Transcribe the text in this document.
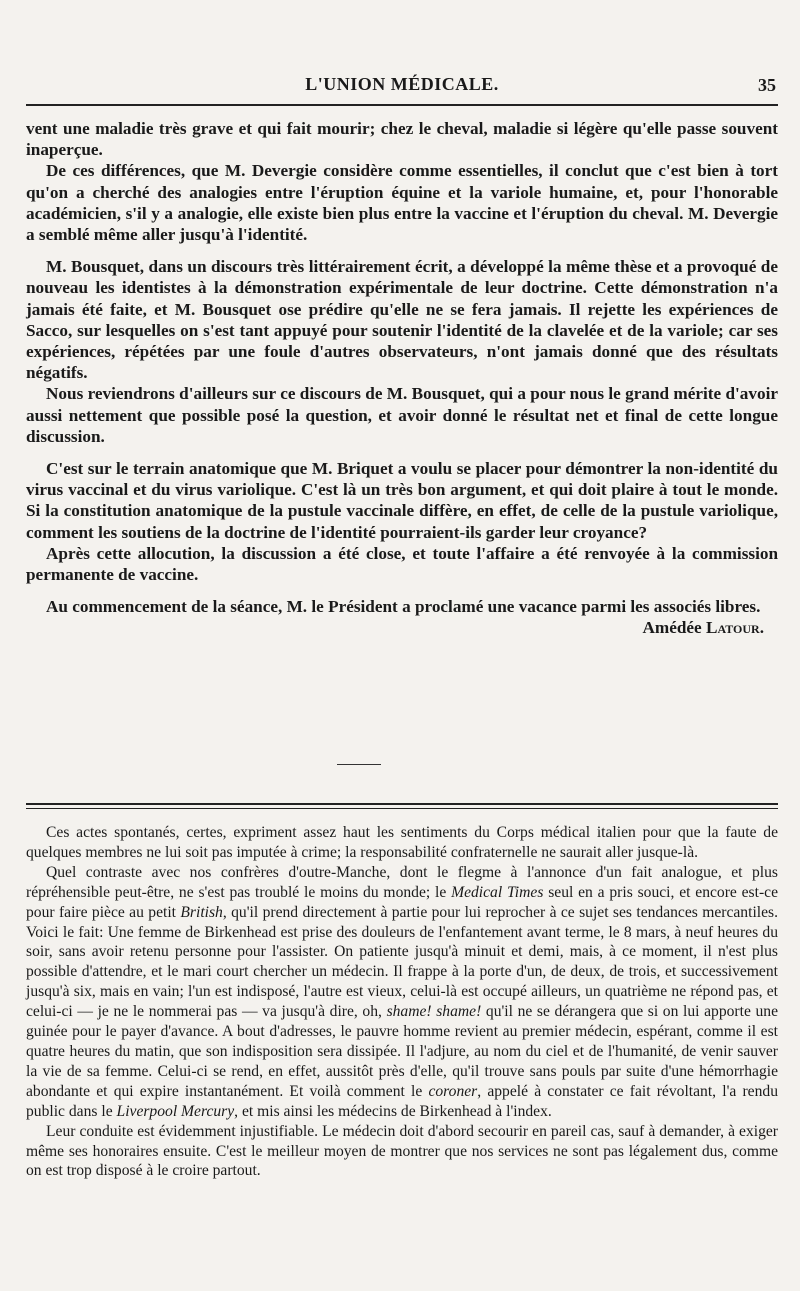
L'UNION MÉDICALE.	35

vent une maladie très grave et qui fait mourir; chez le cheval, maladie si légère qu'elle passe souvent inaperçue.

De ces différences, que M. Devergie considère comme essentielles, il conclut que c'est bien à tort qu'on a cherché des analogies entre l'éruption équine et la variole humaine, et, pour l'honorable académicien, s'il y a analogie, elle existe bien plus entre la vaccine et l'éruption du cheval. M. Devergie a semblé même aller jusqu'à l'identité.

M. Bousquet, dans un discours très littérairement écrit, a développé la même thèse et a provoqué de nouveau les identistes à la démonstration expérimentale de leur doctrine. Cette démonstration n'a jamais été faite, et M. Bousquet ose prédire qu'elle ne se fera jamais. Il rejette les expériences de Sacco, sur lesquelles on s'est tant appuyé pour soutenir l'identité de la clavelée et de la variole; car ses expériences, répétées par une foule d'autres observateurs, n'ont jamais donné que des résultats négatifs.

Nous reviendrons d'ailleurs sur ce discours de M. Bousquet, qui a pour nous le grand mérite d'avoir aussi nettement que possible posé la question, et avoir donné le résultat net et final de cette longue discussion.

C'est sur le terrain anatomique que M. Briquet a voulu se placer pour démontrer la non-identité du virus vaccinal et du virus variolique. C'est là un très bon argument, et qui doit plaire à tout le monde. Si la constitution anatomique de la pustule vaccinale diffère, en effet, de celle de la pustule variolique, comment les soutiens de la doctrine de l'identité pourraient-ils garder leur croyance?

Après cette allocution, la discussion a été close, et toute l'affaire a été renvoyée à la commission permanente de vaccine.

Au commencement de la séance, M. le Président a proclamé une vacance parmi les associés libres.

Amédée Latour.

Ces actes spontanés, certes, expriment assez haut les sentiments du Corps médical italien pour que la faute de quelques membres ne lui soit pas imputée à crime; la responsabilité confraternelle ne saurait aller jusque-là.

Quel contraste avec nos confrères d'outre-Manche, dont le flegme à l'annonce d'un fait analogue, et plus répréhensible peut-être, ne s'est pas troublé le moins du monde; le Medical Times seul en a pris souci, et encore est-ce pour faire pièce au petit British, qu'il prend directement à partie pour lui reprocher à ce sujet ses tendances mercantiles. Voici le fait: Une femme de Birkenhead est prise des douleurs de l'enfantement avant terme, le 8 mars, à neuf heures du soir, sans avoir retenu personne pour l'assister. On patiente jusqu'à minuit et demi, mais, à ce moment, il n'est plus possible d'attendre, et le mari court chercher un médecin. Il frappe à la porte d'un, de deux, de trois, et successivement jusqu'à six, mais en vain; l'un est indisposé, l'autre est vieux, celui-là est occupé ailleurs, un quatrième ne répond pas, et celui-ci — je ne le nommerai pas — va jusqu'à dire, oh, shame! shame! qu'il ne se dérangera que si on lui apporte une guinée pour le payer d'avance. A bout d'adresses, le pauvre homme revient au premier médecin, espérant, comme il est quatre heures du matin, que son indisposition sera dissipée. Il l'adjure, au nom du ciel et de l'humanité, de venir sauver la vie de sa femme. Celui-ci se rend, en effet, aussitôt près d'elle, qu'il trouve sans pouls par suite d'une hémorrhagie abondante et qui expire instantanément. Et voilà comment le coroner, appelé à constater ce fait révoltant, l'a rendu public dans le Liverpool Mercury, et mis ainsi les médecins de Birkenhead à l'index.

Leur conduite est évidemment injustifiable. Le médecin doit d'abord secourir en pareil cas, sauf à demander, à exiger même ses honoraires ensuite. C'est le meilleur moyen de montrer que nos services ne sont pas légalement dus, comme on est trop disposé à le croire partout.
